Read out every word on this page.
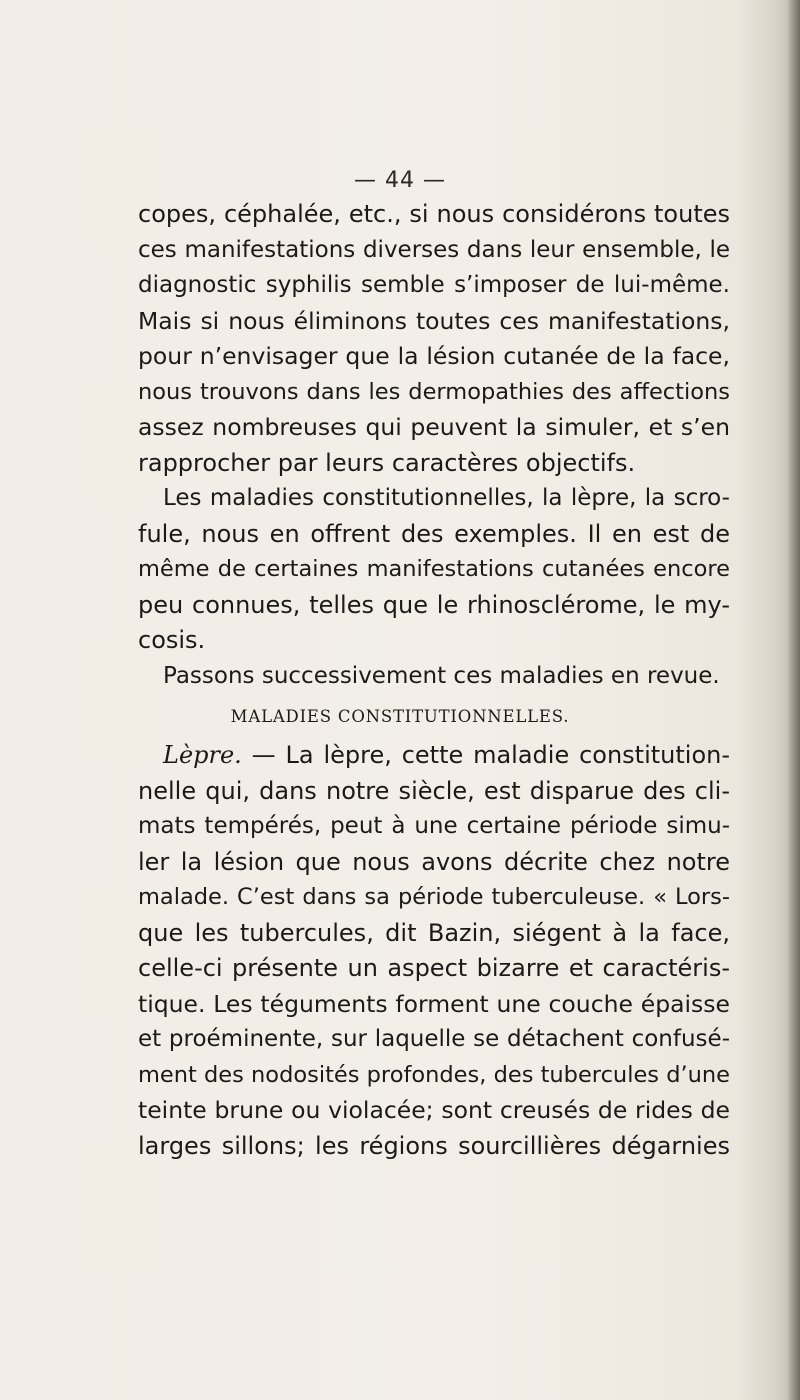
— 44 —
copes, céphalée, etc., si nous considérons toutes
ces manifestations diverses dans leur ensemble, le
diagnostic syphilis semble s’imposer de lui-même.
Mais si nous éliminons toutes ces manifestations,
pour n’envisager que la lésion cutanée de la face,
nous trouvons dans les dermopathies des affections
assez nombreuses qui peuvent la simuler, et s’en
rapprocher par leurs caractères objectifs.
Les maladies constitutionnelles, la lèpre, la scro-
fule, nous en offrent des exemples. Il en est de
même de certaines manifestations cutanées encore
peu connues, telles que le rhinosclérome, le my-
cosis.
Passons successivement ces maladies en revue.
MALADIES CONSTITUTIONNELLES.
Lèpre. — La lèpre, cette maladie constitution-
nelle qui, dans notre siècle, est disparue des cli-
mats tempérés, peut à une certaine période simu-
ler la lésion que nous avons décrite chez notre
malade. C’est dans sa période tuberculeuse. « Lors-
que les tubercules, dit Bazin, siégent à la face,
celle-ci présente un aspect bizarre et caractéris-
tique. Les téguments forment une couche épaisse
et proéminente, sur laquelle se détachent confusé-
ment des nodosités profondes, des tubercules d’une
teinte brune ou violacée; sont creusés de rides de
larges sillons; les régions sourcillières dégarnies
